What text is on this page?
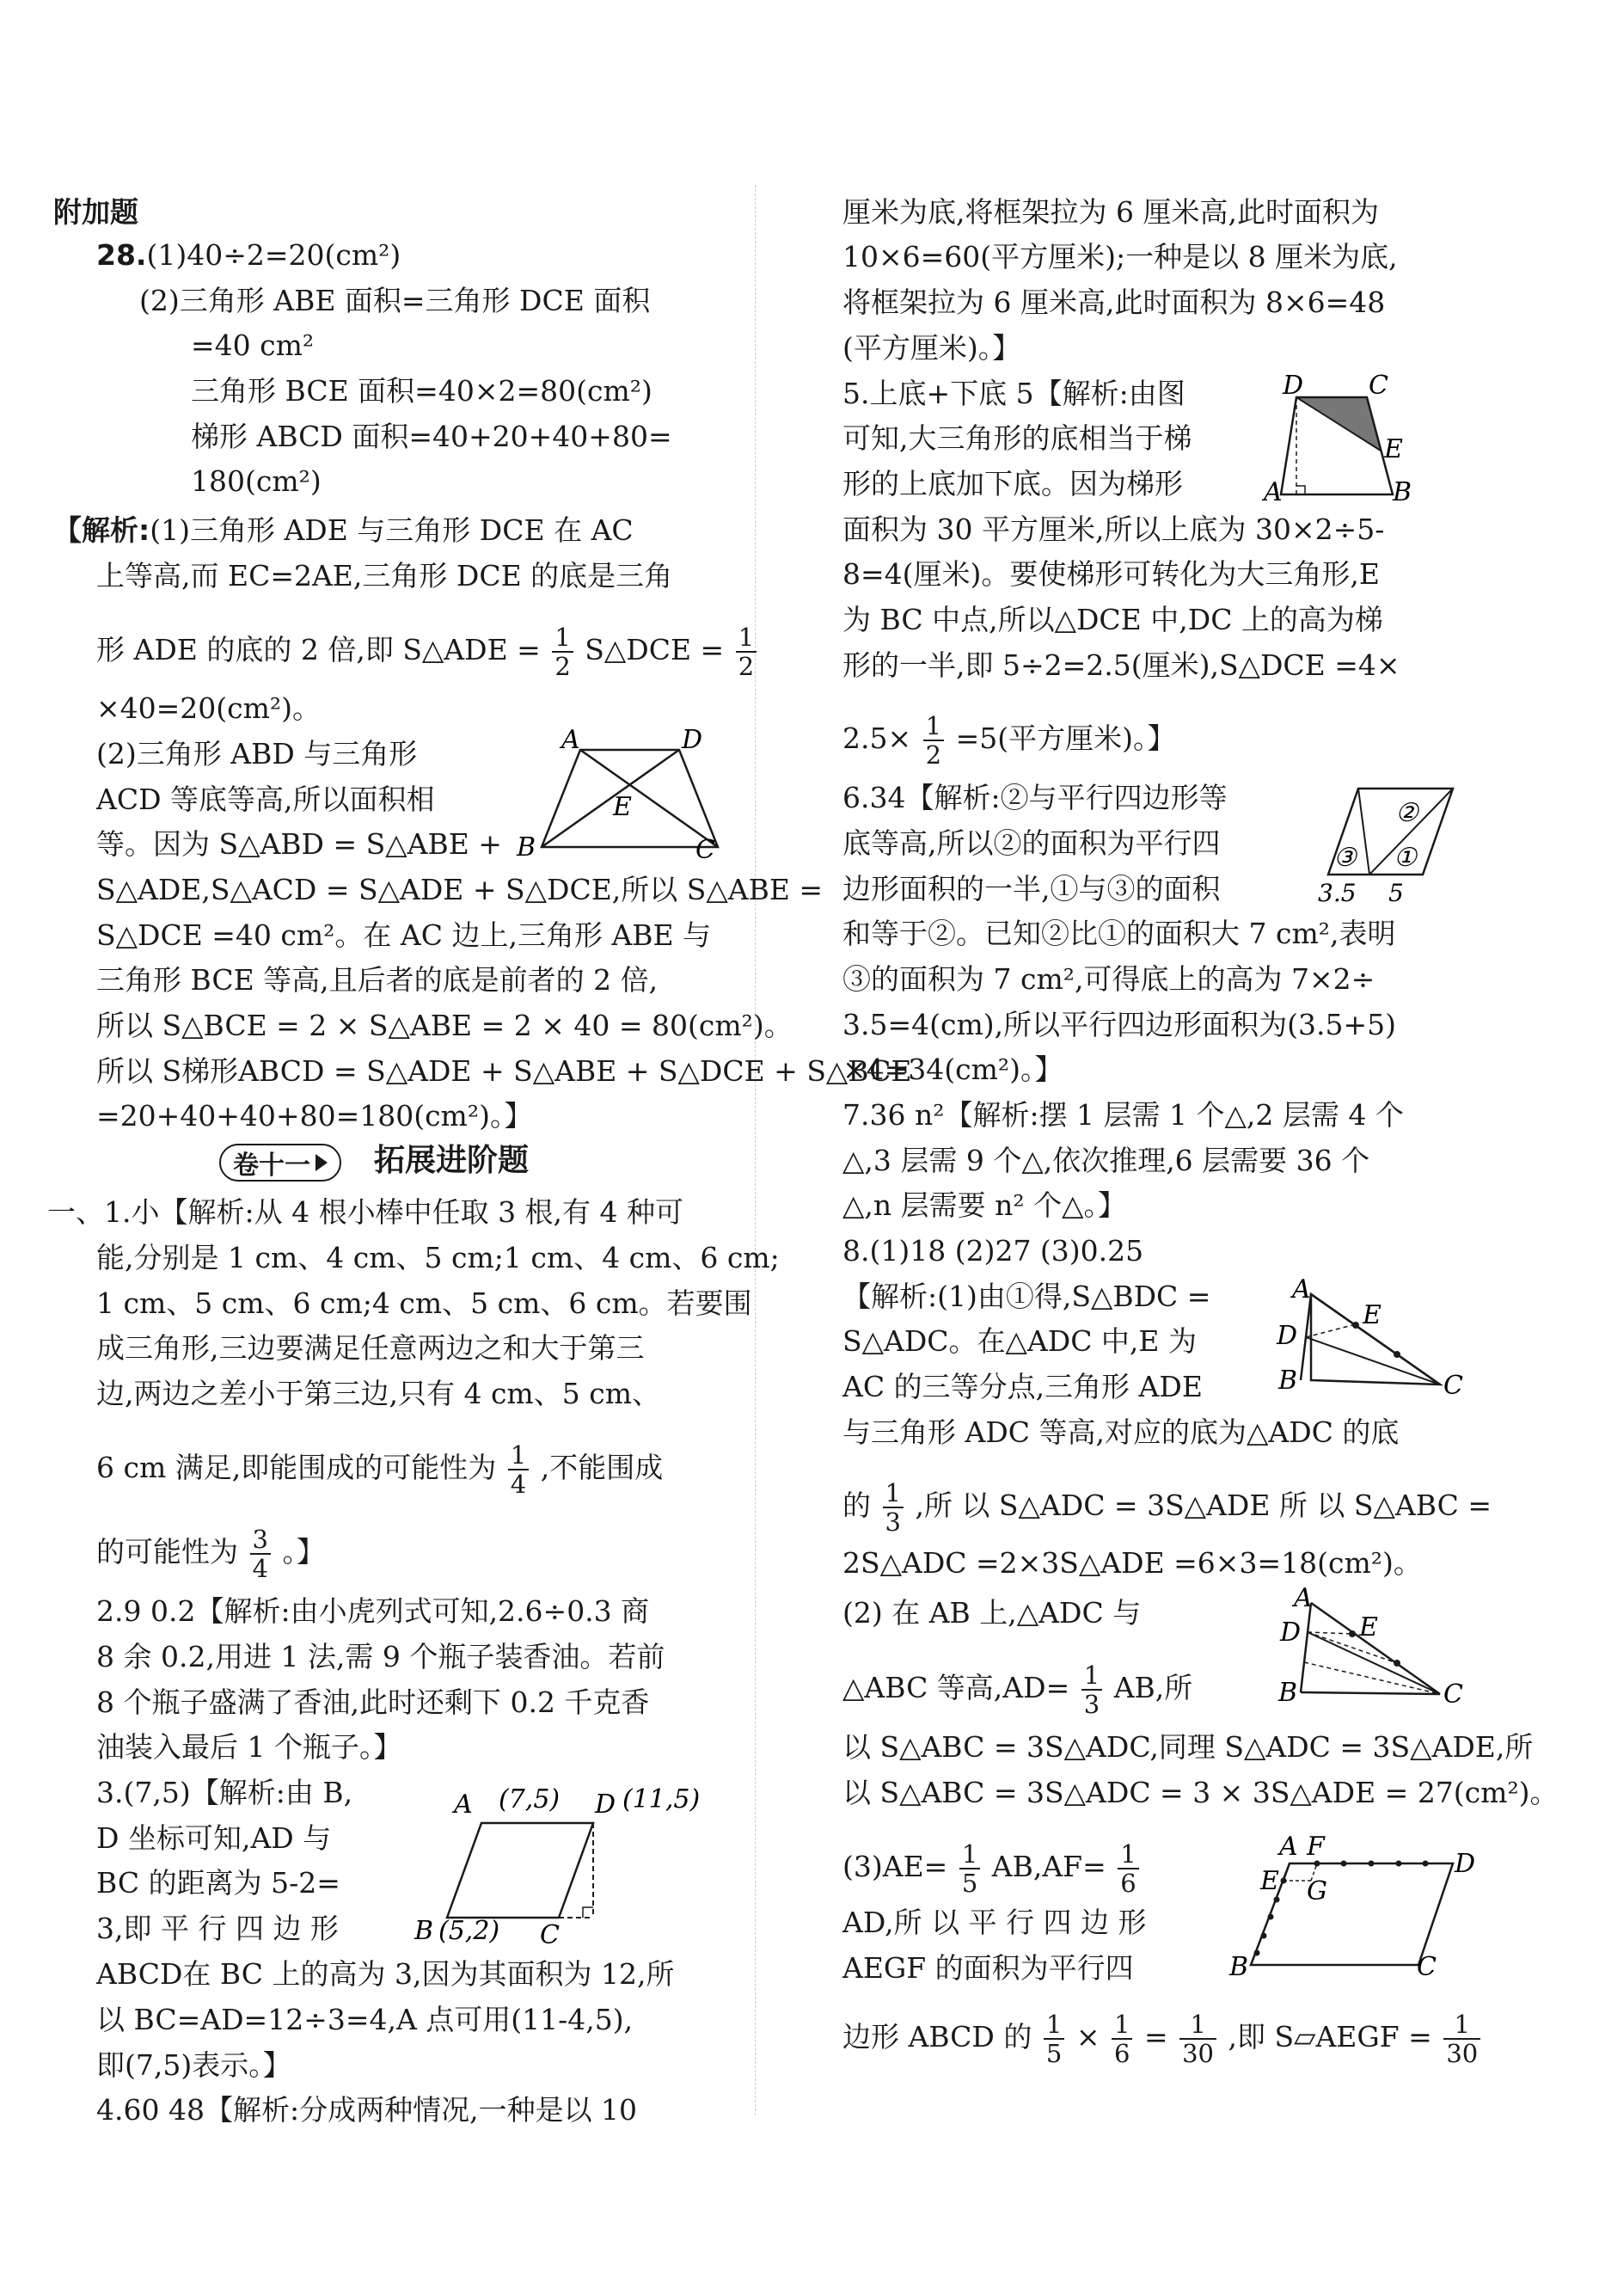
附加题
28.(1)40÷2=20(cm²)
(2)三角形 ABE 面积=三角形 DCE 面积
=40 cm²
三角形 BCE 面积=40×2=80(cm²)
梯形 ABCD 面积=40+20+40+80=
180(cm²)
【解析:(1)三角形 ADE 与三角形 DCE 在 AC
上等高,而 EC=2AE,三角形 DCE 的底是三角
形 ADE 的底的 2 倍,即 S△ADE = $\frac{1}{2}$ S△DCE = $\frac{1}{2}$
×40=20(cm²)。
(2)三角形 ABD 与三角形
ACD 等底等高,所以面积相
等。因为 S△ABD = S△ABE +
A	D
E
B	C
S△ADE,S△ACD = S△ADE + S△DCE,所以 S△ABE =
S△DCE =40 cm²。在 AC 边上,三角形 ABE 与
三角形 BCE 等高,且后者的底是前者的 2 倍,
所以 S△BCE = 2 × S△ABE = 2 × 40 = 80(cm²)。
所以 S梯形ABCD = S△ADE + S△ABE + S△DCE + S△BCE
=20+40+40+80=180(cm²)。】
卷十一 拓展进阶题
一、1.小【解析:从 4 根小棒中任取 3 根,有 4 种可
能,分别是 1 cm、4 cm、5 cm;1 cm、4 cm、6 cm;
1 cm、5 cm、6 cm;4 cm、5 cm、6 cm。若要围
成三角形,三边要满足任意两边之和大于第三
边,两边之差小于第三边,只有 4 cm、5 cm、
6 cm 满足,即能围成的可能性为 $\frac{1}{4}$ ,不能围成
的可能性为 $\frac{3}{4}$ 。】
2.9 0.2【解析:由小虎列式可知,2.6÷0.3 商
8 余 0.2,用进 1 法,需 9 个瓶子装香油。若前
8 个瓶子盛满了香油,此时还剩下 0.2 千克香
油装入最后 1 个瓶子。】
3.(7,5)【解析:由 B,
D 坐标可知,AD 与
BC 的距离为 5-2=
3,即 平 行 四 边 形
A (7,5) D (11,5)
B (5,2) C
ABCD在 BC 上的高为 3,因为其面积为 12,所
以 BC=AD=12÷3=4,A 点可用(11-4,5),
即(7,5)表示。】
4.60 48【解析:分成两种情况,一种是以 10
厘米为底,将框架拉为 6 厘米高,此时面积为
10×6=60(平方厘米);一种是以 8 厘米为底,
将框架拉为 6 厘米高,此时面积为 8×6=48
(平方厘米)。】
5.上底+下底 5【解析:由图
可知,大三角形的底相当于梯
形的上底加下底。因为梯形
D	C
E
A	B
面积为 30 平方厘米,所以上底为 30×2÷5-
8=4(厘米)。要使梯形可转化为大三角形,E
为 BC 中点,所以△DCE 中,DC 上的高为梯
形的一半,即 5÷2=2.5(厘米),S△DCE =4×
$2.5\times \frac{1}{2} =5$(平方厘米)。】
6.34【解析:②与平行四边形等
底等高,所以②的面积为平行四
边形面积的一半,①与③的面积
②
③ ①
3.5 5
和等于②。已知②比①的面积大 7 cm²,表明
③的面积为 7 cm²,可得底上的高为 7×2÷
3.5=4(cm),所以平行四边形面积为(3.5+5)
×4=34(cm²)。】
7.36 n²【解析:摆 1 层需 1 个△,2 层需 4 个
△,3 层需 9 个△,依次推理,6 层需要 36 个
△,n 层需要 n² 个△。】
8.(1)18 (2)27 (3)0.25
【解析:(1)由①得,S△BDC =
S△ADC。在△ADC 中,E 为
AC 的三等分点,三角形 ADE
A
E
D
B	C
与三角形 ADC 等高,对应的底为△ADC 的底
的 $\frac{1}{3}$ ,所 以 S△ADC = 3S△ADE 所 以 S△ABC =
2S△ADC =2×3S△ADE =6×3=18(cm²)。
(2) 在 AB 上,△ADC 与	A
D E
B	C
△ABC 等高$,AD= \frac{1}{3}$ AB,所
以 S△ABC = 3S△ADC,同理 S△ADC = 3S△ADE,所
以 S△ABC = 3S△ADC = 3 × 3S△ADE = 27(cm²)。
$(3)AE= \frac{1}{5} AB,AF= \frac{1}{6}$
AD,所 以 平 行 四 边 形
AEGF 的面积为平行四
A F
D
E G
B	C
边形 ABCD 的 $\frac{1}{5} \times \frac{1}{6} = \frac{1}{30}$ ,即 S▱AEGF = $\frac{1}{30}$
